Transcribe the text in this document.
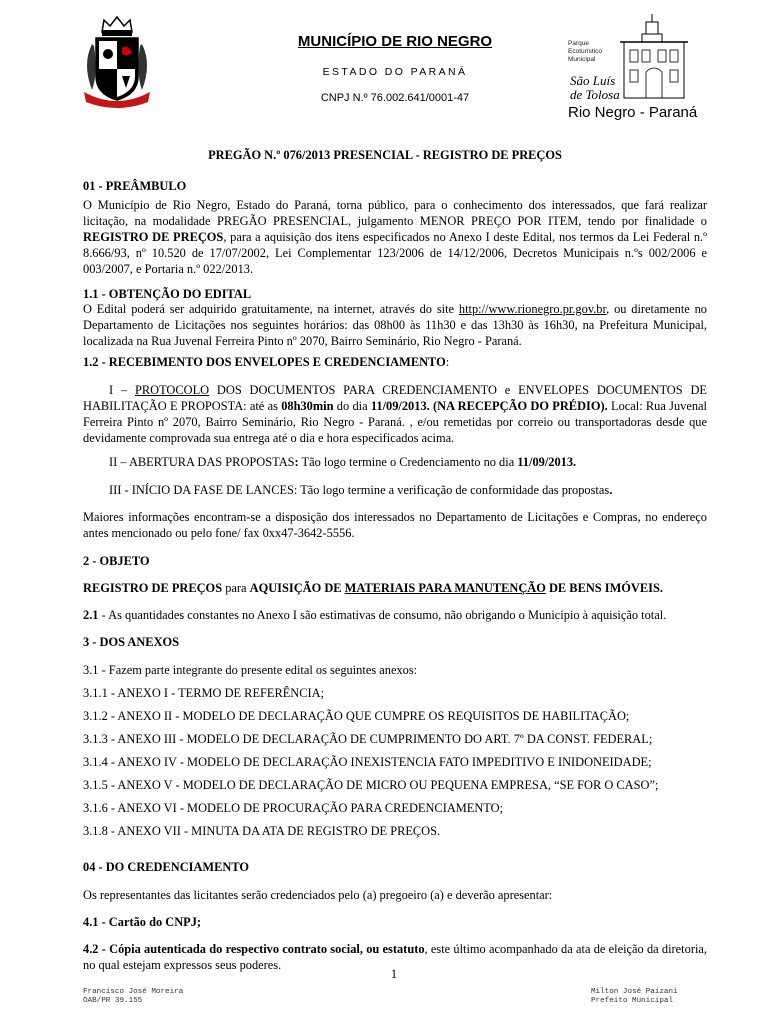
MUNICÍPIO DE RIO NEGRO
ESTADO DO PARANÁ
CNPJ N.º 76.002.641/0001-47
Parque
Ecoturístico
Municipal
São Luís
de Tolosa
Rio Negro - Paraná
PREGÃO N.º 076/2013 PRESENCIAL - REGISTRO DE PREÇOS
01 - PREÂMBULO

O Município de Rio Negro, Estado do Paraná, torna público, para o conhecimento dos interessados, que fará realizar licitação, na modalidade PREGÃO PRESENCIAL, julgamento MENOR PREÇO POR ITEM, tendo por finalidade o REGISTRO DE PREÇOS, para a aquisição dos itens especificados no Anexo I deste Edital, nos termos da Lei Federal n.º 8.666/93, nº 10.520 de 17/07/2002, Lei Complementar 123/2006 de 14/12/2006, Decretos Municipais n.ºs 002/2006 e 003/2007, e Portaria n.º 022/2013.

1.1 - OBTENÇÃO DO EDITAL

O Edital poderá ser adquirido gratuitamente, na internet, através do site http://www.rionegro.pr.gov.br, ou diretamente no Departamento de Licitações nos seguintes horários: das 08h00 às 11h30 e das 13h30 às 16h30, na Prefeitura Municipal, localizada na Rua Juvenal Ferreira Pinto nº 2070, Bairro Seminário, Rio Negro - Paraná.

1.2 - RECEBIMENTO DOS ENVELOPES E CREDENCIAMENTO:

I – PROTOCOLO DOS DOCUMENTOS PARA CREDENCIAMENTO e ENVELOPES DOCUMENTOS DE HABILITAÇÃO E PROPOSTA: até as 08h30min do dia 11/09/2013. (NA RECEPÇÃO DO PRÉDIO). Local: Rua Juvenal Ferreira Pinto nº 2070, Bairro Seminário, Rio Negro - Paraná. , e/ou remetidas por correio ou transportadoras desde que devidamente comprovada sua entrega até o dia e hora especificados acima.

II – ABERTURA DAS PROPOSTAS: Tão logo termine o Credenciamento no dia 11/09/2013.
III - INÍCIO DA FASE DE LANCES: Tão logo termine a verificação de conformidade das propostas.

Maiores informações encontram-se a disposição dos interessados no Departamento de Licitações e Compras, no endereço antes mencionado ou pelo fone/ fax 0xx47-3642-5556.

2 - OBJETO
REGISTRO DE PREÇOS para AQUISIÇÃO DE MATERIAIS PARA MANUTENÇÃO DE BENS IMÓVEIS.
2.1 - As quantidades constantes no Anexo I são estimativas de consumo, não obrigando o Município à aquisição total.
3 - DOS ANEXOS
3.1 - Fazem parte integrante do presente edital os seguintes anexos:
3.1.1 - ANEXO I - TERMO DE REFERÊNCIA;
3.1.2 - ANEXO II - MODELO DE DECLARAÇÃO QUE CUMPRE OS REQUISITOS DE HABILITAÇÃO;
3.1.3 - ANEXO III - MODELO DE DECLARAÇÃO DE CUMPRIMENTO DO ART. 7º DA CONST. FEDERAL;
3.1.4 - ANEXO IV - MODELO DE DECLARAÇÃO INEXISTENCIA FATO IMPEDITIVO E INIDONEIDADE;
3.1.5 - ANEXO V - MODELO DE DECLARAÇÃO DE MICRO OU PEQUENA EMPRESA, “SE FOR O CASO”;
3.1.6 - ANEXO VI - MODELO DE PROCURAÇÃO PARA CREDENCIAMENTO;
3.1.8 - ANEXO VII - MINUTA DA ATA DE REGISTRO DE PREÇOS.
04 - DO CREDENCIAMENTO
Os representantes das licitantes serão credenciados pelo (a) pregoeiro (a) e deverão apresentar:
4.1 - Cartão do CNPJ;

4.2 - Cópia autenticada do respectivo contrato social, ou estatuto, este último acompanhado da ata de eleição da diretoria, no qual estejam expressos seus poderes.

1
Francisco José Moreira
OAB/PR 39.155
Milton José Paizani
Prefeito Municipal
